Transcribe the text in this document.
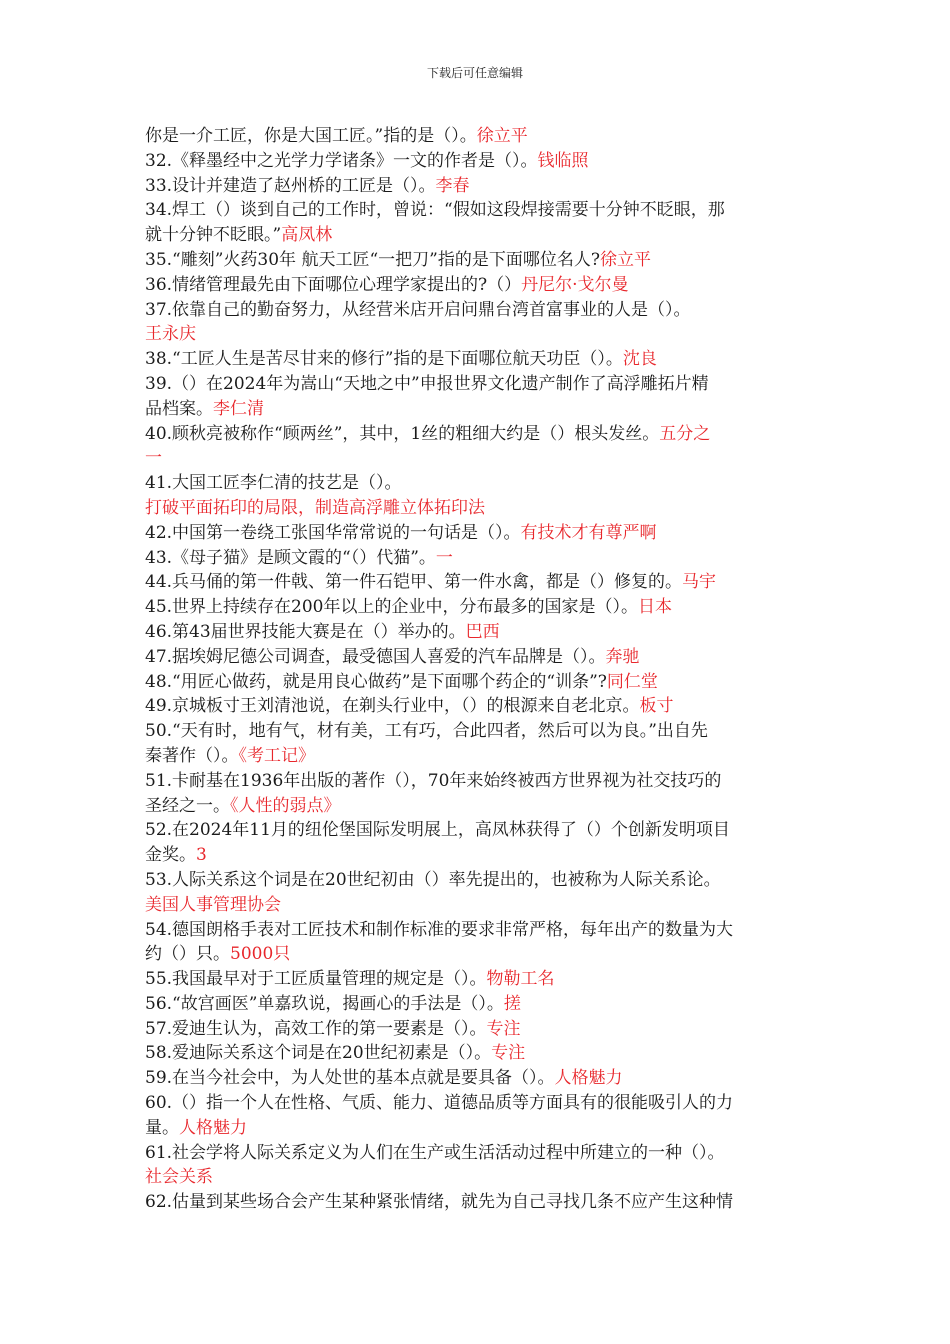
下载后可任意编辑
你是一介工匠，你是大国工匠。”指的是（）。徐立平
32.《释墨经中之光学力学诸条》一文的作者是（）。钱临照
33.设计并建造了赵州桥的工匠是（）。李春
34.焊工（）谈到自己的工作时，曾说：“假如这段焊接需要十分钟不眨眼，那
就十分钟不眨眼。”高凤林
35.“雕刻”火药30年 航天工匠“一把刀”指的是下面哪位名人?徐立平
36.情绪管理最先由下面哪位心理学家提出的?（）丹尼尔·戈尔曼
37.依靠自己的勤奋努力，从经营米店开启问鼎台湾首富事业的人是（）。
王永庆
38.“工匠人生是苦尽甘来的修行”指的是下面哪位航天功臣（）。沈良
39.（）在2024年为嵩山“天地之中”申报世界文化遗产制作了高浮雕拓片精
品档案。李仁清
40.顾秋亮被称作“顾两丝”，其中，1丝的粗细大约是（）根头发丝。五分之
一
41.大国工匠李仁清的技艺是（）。
打破平面拓印的局限，制造高浮雕立体拓印法
42.中国第一卷绕工张国华常常说的一句话是（）。有技术才有尊严啊
43.《母子猫》是顾文霞的“（）代猫”。一
44.兵马俑的第一件戟、第一件石铠甲、第一件水禽，都是（）修复的。马宇
45.世界上持续存在200年以上的企业中，分布最多的国家是（）。日本
46.第43届世界技能大赛是在（）举办的。巴西
47.据埃姆尼德公司调查，最受德国人喜爱的汽车品牌是（）。奔驰
48.“用匠心做药，就是用良心做药”是下面哪个药企的“训条”?同仁堂
49.京城板寸王刘清池说，在剃头行业中，（）的根源来自老北京。板寸
50.“天有时，地有气，材有美，工有巧，合此四者，然后可以为良。”出自先
秦著作（）。《考工记》
51.卡耐基在1936年出版的著作（），70年来始终被西方世界视为社交技巧的
圣经之一。《人性的弱点》
52.在2024年11月的纽伦堡国际发明展上，高凤林获得了（）个创新发明项目
金奖。3
53.人际关系这个词是在20世纪初由（）率先提出的，也被称为人际关系论。
美国人事管理协会
54.德国朗格手表对工匠技术和制作标准的要求非常严格，每年出产的数量为大
约（）只。5000只
55.我国最早对于工匠质量管理的规定是（）。物勒工名
56.“故宫画医”单嘉玖说，揭画心的手法是（）。搓
57.爱迪生认为，高效工作的第一要素是（）。专注
58.爱迪际关系这个词是在20世纪初素是（）。专注
59.在当今社会中，为人处世的基本点就是要具备（）。人格魅力
60.（）指一个人在性格、气质、能力、道德品质等方面具有的很能吸引人的力
量。人格魅力
61.社会学将人际关系定义为人们在生产或生活活动过程中所建立的一种（）。
社会关系
62.估量到某些场合会产生某种紧张情绪，就先为自己寻找几条不应产生这种情
